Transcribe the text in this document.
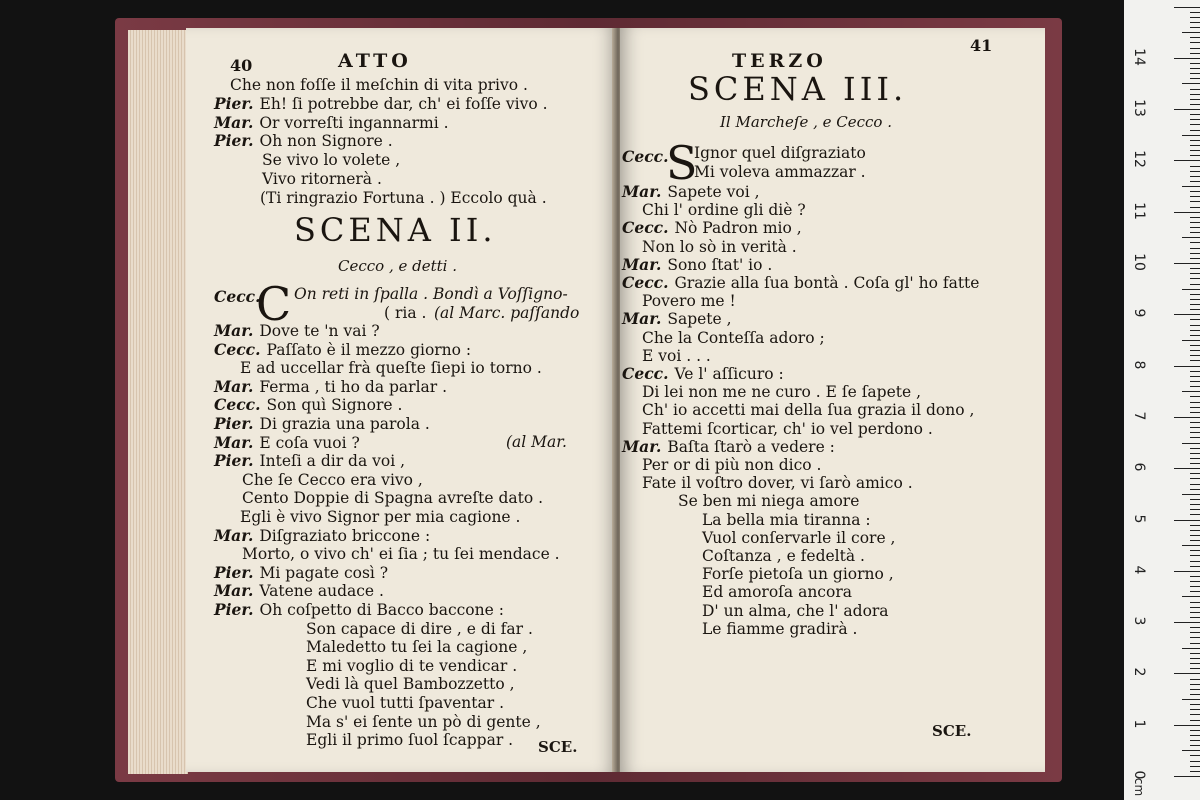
40	ATTO
Che non foſſe il meſchin di vita privo .
Pier. Eh! ſi potrebbe dar, ch' ei foſſe vivo .
Mar. Or vorreſti ingannarmi .
Pier. Oh non Signore .
Se vivo lo volete ,
Vivo ritornerà .
(Ti ringrazio Fortuna . ) Eccolo quà .
SCENA II.
Cecco , e detti .
Cecc.
C On reti in ſpalla . Bondì a Voſſigno-
( ria . (al Marc. paſſando
Mar. Dove te 'n vai ?
Cecc. Paſſato è il mezzo giorno :
E ad uccellar frà queſte ſiepi io torno .
Mar. Ferma , ti ho da parlar .
Cecc. Son quì Signore .
Pier. Di grazia una parola .
Mar. E coſa vuoi ?
Pier. Inteſi a dir da voi ,
Che ſe Cecco era vivo ,
Cento Doppie di Spagna avreſte dato .
Egli è vivo Signor per mia cagione .
Mar. Diſgraziato briccone :
Morto, o vivo ch' ei ſia ; tu ſei mendace .
Pier. Mi pagate così ?
Mar. Vatene audace .
Pier. Oh coſpetto di Bacco baccone :
Son capace di dire , e di far .
Maledetto tu ſei la cagione ,
E mi voglio di te vendicar .
Vedi là quel Bambozzetto ,
Che vuol tutti ſpaventar .
Ma s' ei ſente un pò di gente ,
Egli il primo ſuol ſcappar .
(al Mar.
SCE.
TERZO
41
SCENA III.
Il Marcheſe , e Cecco .
Cecc.
S
Ignor quel diſgraziato
Mi voleva ammazzar .
Mar. Sapete voi ,
Chi l' ordine gli diè ?
Cecc. Nò Padron mio ,
Non lo sò in verità .
Mar. Sono ſtat' io .
Cecc. Grazie alla ſua bontà . Coſa gl' ho fatte
Povero me !
Mar. Sapete ,
Che la Conteſſa adoro ;
E voi . . .
Cecc. Ve l' aſſicuro :
Di lei non me ne curo . E ſe ſapete ,
Ch' io accetti mai della ſua grazia il dono ,
Fattemi ſcorticar, ch' io vel perdono .
Mar. Baſta ſtarò a vedere :
Per or di più non dico .
Fate il voſtro dover, vi ſarò amico .
Se ben mi niega amore
La bella mia tiranna :
Vuol conſervarle il core ,
Coſtanza , e fedeltà .
Forſe pietoſa un giorno ,
Ed amoroſa ancora
D' un alma, che l' adora
Le fiamme gradirà .
SCE.
14
13
12
11
10
9
8
7
6
5
4
3
2
1
0
cm
